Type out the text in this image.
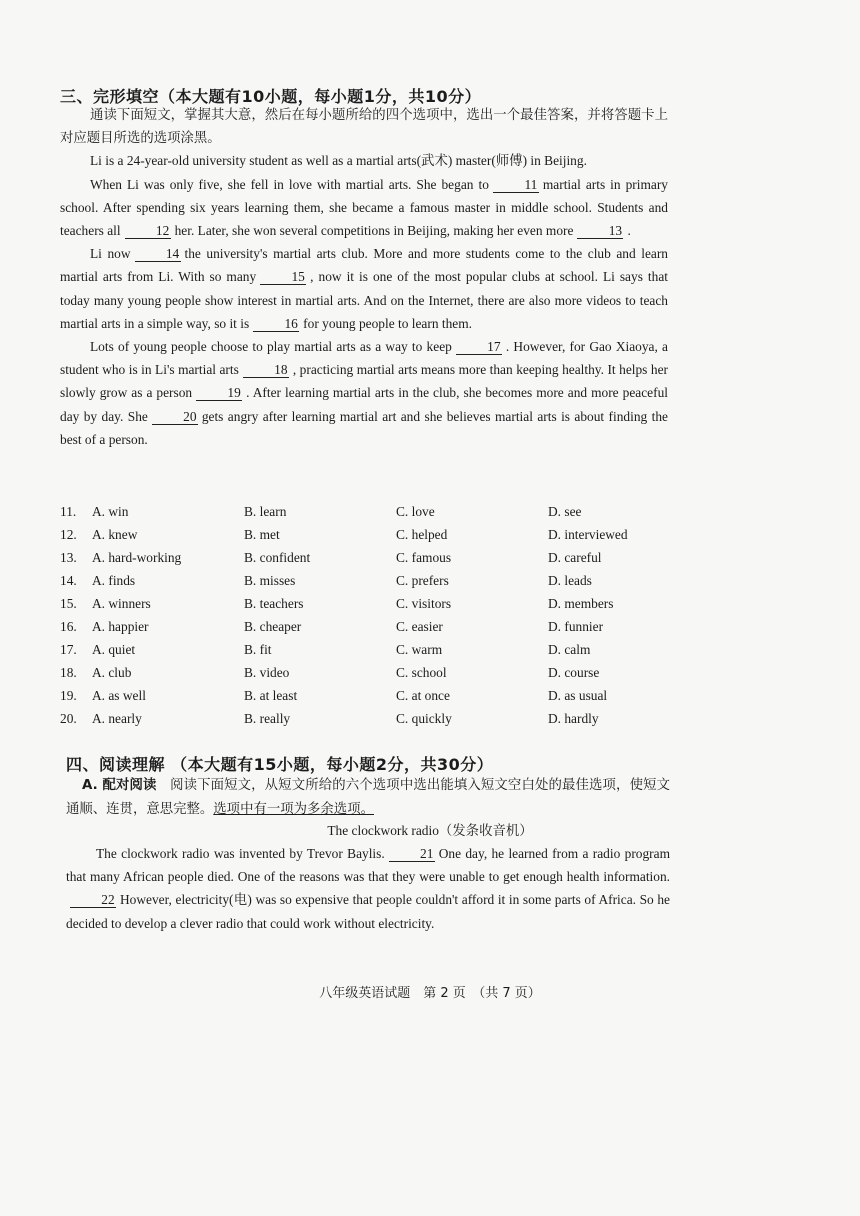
三、完形填空（本大题有10小题，每小题1分，共10分）

通读下面短文，掌握其大意，然后在每小题所给的四个选项中，选出一个最佳答案，并将答题卡上对应题目所选的选项涂黑。

Li is a 24-year-old university student as well as a martial arts(武术) master(师傅) in Beijing.

When Li was only five, she fell in love with martial arts. She began to	11 martial arts in primary school. After spending six years learning them, she became a famous master in middle school. Students and teachers all	12 her. Later, she won several competitions in Beijing, making her even more	13 .

Li now	14 the university's martial arts club. More and more students come to the club and learn martial arts from Li. With so many	15 , now it is one of the most popular clubs at school. Li says that today many young people show interest in martial arts. And on the Internet, there are also more videos to teach martial arts in a simple way, so it is	16 for young people to learn them.

Lots of young people choose to play martial arts as a way to keep	17 . However, for Gao Xiaoya, a student who is in Li's martial arts	18 , practicing martial arts means more than keeping healthy. It helps her slowly grow as a person	19 . After learning martial arts in the club, she becomes more and more peaceful day by day. She	20 gets angry after learning martial art and she believes martial arts is about finding the best of a person.

11.	A. win	B. learn	C. love	D. see
12.	A. knew	B. met	C. helped	D. interviewed
13.	A. hard-working	B. confident	C. famous	D. careful
14.	A. finds	B. misses	C. prefers	D. leads
15.	A. winners	B. teachers	C. visitors	D. members
16.	A. happier	B. cheaper	C. easier	D. funnier
17.	A. quiet	B. fit	C. warm	D. calm
18.	A. club	B. video	C. school	D. course
19.	A. as well	B. at least	C. at once	D. as usual
20.	A. nearly	B. really	C. quickly	D. hardly
四、阅读理解 （本大题有15小题，每小题2分，共30分）

A. 配对阅读　 阅读下面短文，从短文所给的六个选项中选出能填入短文空白处的最佳选项，使短文通顺、连贯，意思完整。选项中有一项为多余选项。

The clockwork radio（发条收音机）

The clockwork radio was invented by Trevor Baylis.	21 One day, he learned from a radio program that many African people died. One of the reasons was that they were unable to get enough health information.22 However, electricity(电) was so expensive that people couldn't afford it in some parts of Africa. So he decided to develop a clever radio that could work without electricity.

八年级英语试题　第 2 页　（共 7 页）
